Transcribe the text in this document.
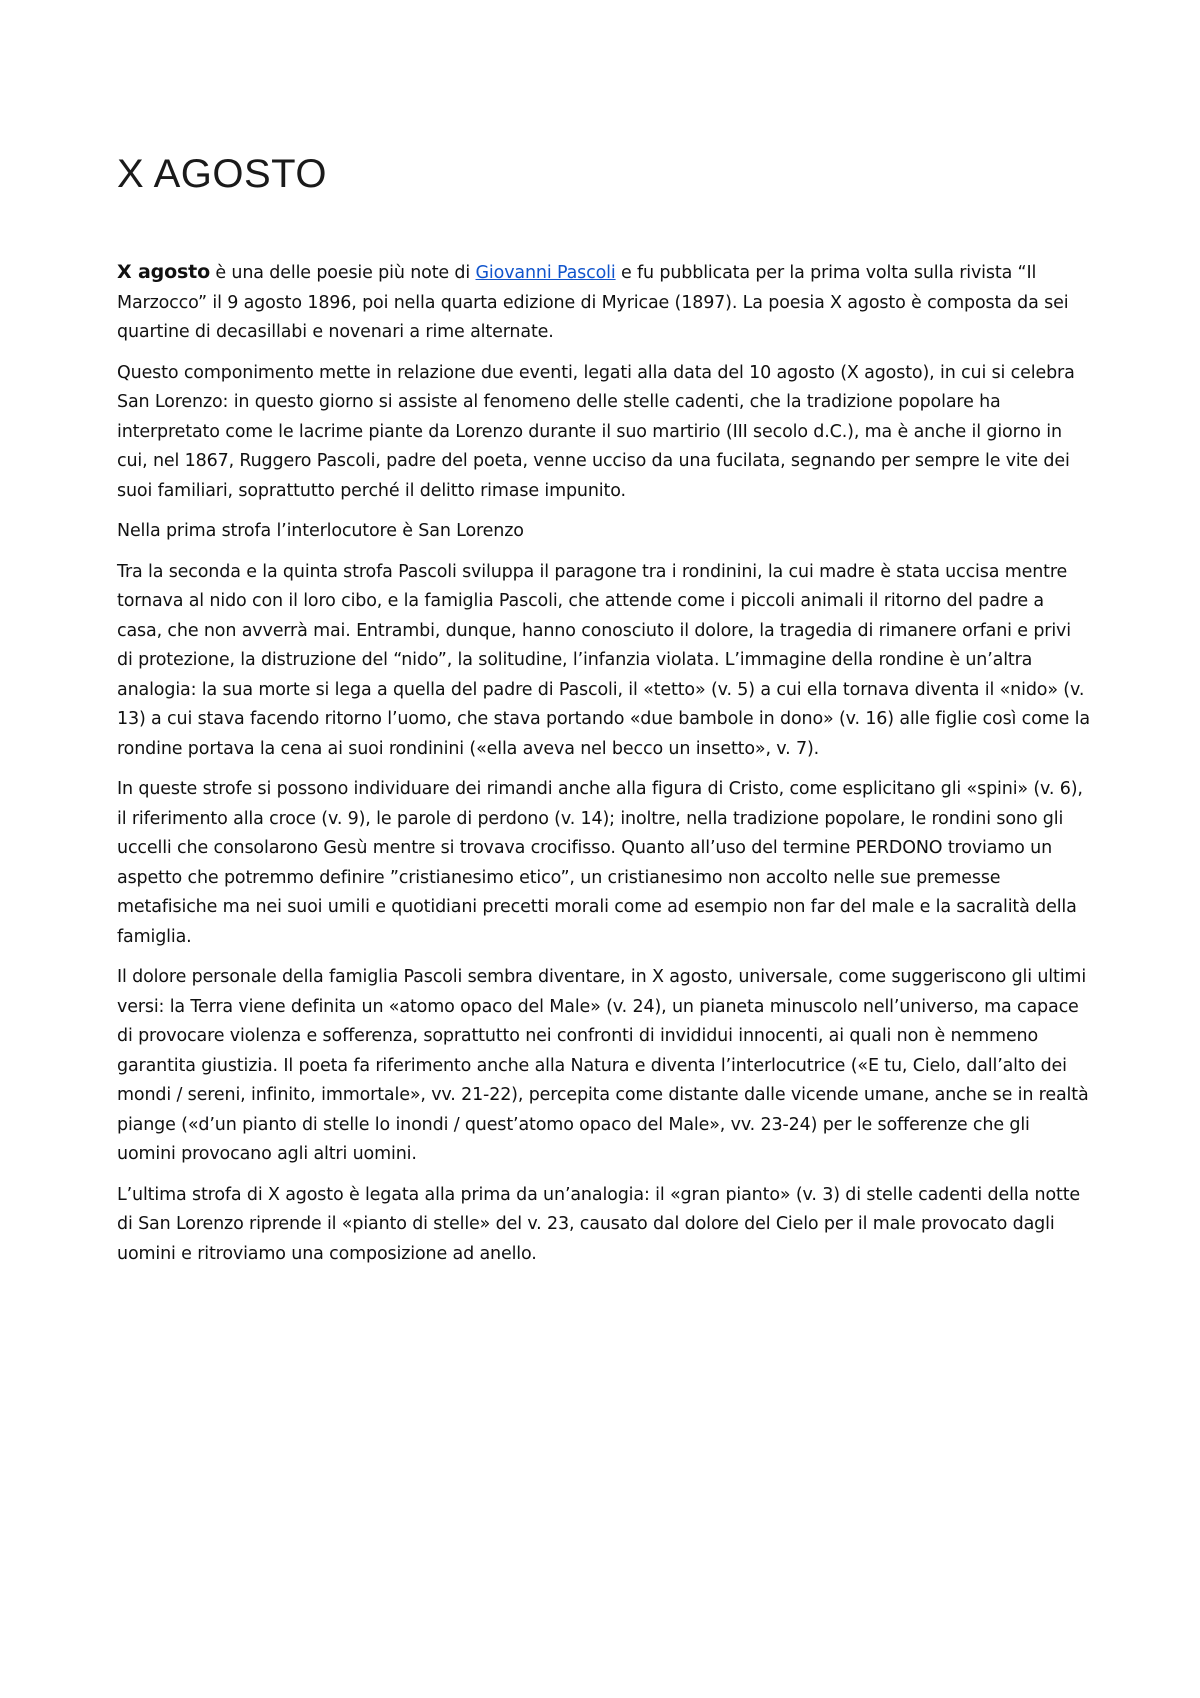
X AGOSTO

X agosto è una delle poesie più note di Giovanni Pascoli e fu pubblicata per la prima volta sulla rivista “Il Marzocco” il 9 agosto 1896, poi nella quarta edizione di Myricae (1897). La poesia X agosto è composta da sei quartine di decasillabi e novenari a rime alternate.

Questo componimento mette in relazione due eventi, legati alla data del 10 agosto (X agosto), in cui si celebra San Lorenzo: in questo giorno si assiste al fenomeno delle stelle cadenti, che la tradizione popolare ha interpretato come le lacrime piante da Lorenzo durante il suo martirio (III secolo d.C.), ma è anche il giorno in cui, nel 1867, Ruggero Pascoli, padre del poeta, venne ucciso da una fucilata, segnando per sempre le vite dei suoi familiari, soprattutto perché il delitto rimase impunito.

Nella prima strofa l’interlocutore è San Lorenzo

Tra la seconda e la quinta strofa Pascoli sviluppa il paragone tra i rondinini, la cui madre è stata uccisa mentre tornava al nido con il loro cibo, e la famiglia Pascoli, che attende come i piccoli animali il ritorno del padre a casa, che non avverrà mai. Entrambi, dunque, hanno conosciuto il dolore, la tragedia di rimanere orfani e privi di protezione, la distruzione del “nido”, la solitudine, l’infanzia violata. L’immagine della rondine è un’altra analogia: la sua morte si lega a quella del padre di Pascoli, il «tetto» (v. 5) a cui ella tornava diventa il «nido» (v. 13) a cui stava facendo ritorno l’uomo, che stava portando «due bambole in dono» (v. 16) alle figlie così come la rondine portava la cena ai suoi rondinini («ella aveva nel becco un insetto», v. 7).

In queste strofe si possono individuare dei rimandi anche alla figura di Cristo, come esplicitano gli «spini» (v. 6), il riferimento alla croce (v. 9), le parole di perdono (v. 14); inoltre, nella tradizione popolare, le rondini sono gli uccelli che consolarono Gesù mentre si trovava crocifisso. Quanto all’uso del termine PERDONO troviamo un aspetto che potremmo definire ”cristianesimo etico”, un cristianesimo non accolto nelle sue premesse metafisiche ma nei suoi umili e quotidiani precetti morali come ad esempio non far del male e la sacralità della famiglia.

Il dolore personale della famiglia Pascoli sembra diventare, in X agosto, universale, come suggeriscono gli ultimi versi: la Terra viene definita un «atomo opaco del Male» (v. 24), un pianeta minuscolo nell’universo, ma capace di provocare violenza e sofferenza, soprattutto nei confronti di invididui innocenti, ai quali non è nemmeno garantita giustizia. Il poeta fa riferimento anche alla Natura e diventa l’interlocutrice («E tu, Cielo, dall’alto dei mondi / sereni, infinito, immortale», vv. 21-22), percepita come distante dalle vicende umane, anche se in realtà piange («d’un pianto di stelle lo inondi / quest’atomo opaco del Male», vv. 23-24) per le sofferenze che gli uomini provocano agli altri uomini.

L’ultima strofa di X agosto è legata alla prima da un’analogia: il «gran pianto» (v. 3) di stelle cadenti della notte di San Lorenzo riprende il «pianto di stelle» del v. 23, causato dal dolore del Cielo per il male provocato dagli uomini e ritroviamo una composizione ad anello.
